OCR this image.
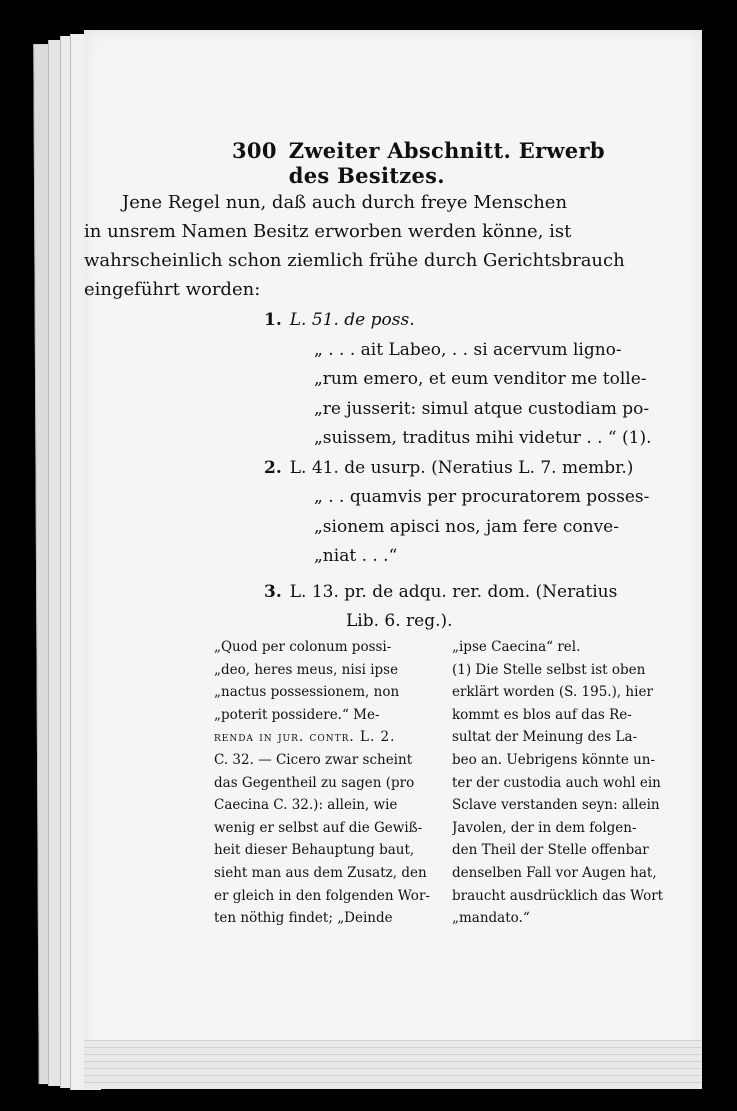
300 Zweiter Abschnitt. Erwerb des Besitzes.
Jene Regel nun, daß auch durch freye Menschen
in unsrem Namen Besitz erworben werden könne, ist
wahrscheinlich schon ziemlich frühe durch Gerichtsbrauch
eingeführt worden:
1. L. 51. de poss.
„ . . . ait Labeo, . . si acervum ligno-
„rum emero, et eum venditor me tolle-
„re jusserit: simul atque custodiam po-
„suissem, traditus mihi videtur . . “ (1).
2. L. 41. de usurp. (Neratius L. 7. membr.)
„ . . quamvis per procuratorem posses-
„sionem apisci nos, jam fere conve-
„niat . . .“
3. L. 13. pr. de adqu. rer. dom. (Neratius
Lib. 6. reg.).
„Quod per colonum possi-
„deo, heres meus, nisi ipse
„nactus possessionem, non
„poterit possidere.“ Me-
renda in jur. contr. L. 2.
C. 32. — Cicero zwar scheint
das Gegentheil zu sagen (pro
Caecina C. 32.): allein, wie
wenig er selbst auf die Gewiß-
heit dieser Behauptung baut,
sieht man aus dem Zusatz, den
er gleich in den folgenden Wor-
ten nöthig findet; „Deinde
„ipse Caecina“ rel.
(1) Die Stelle selbst ist oben
erklärt worden (S. 195.), hier
kommt es blos auf das Re-
sultat der Meinung des La-
beo an. Uebrigens könnte un-
ter der custodia auch wohl ein
Sclave verstanden seyn: allein
Javolen, der in dem folgen-
den Theil der Stelle offenbar
denselben Fall vor Augen hat,
braucht ausdrücklich das Wort
„mandato.“
